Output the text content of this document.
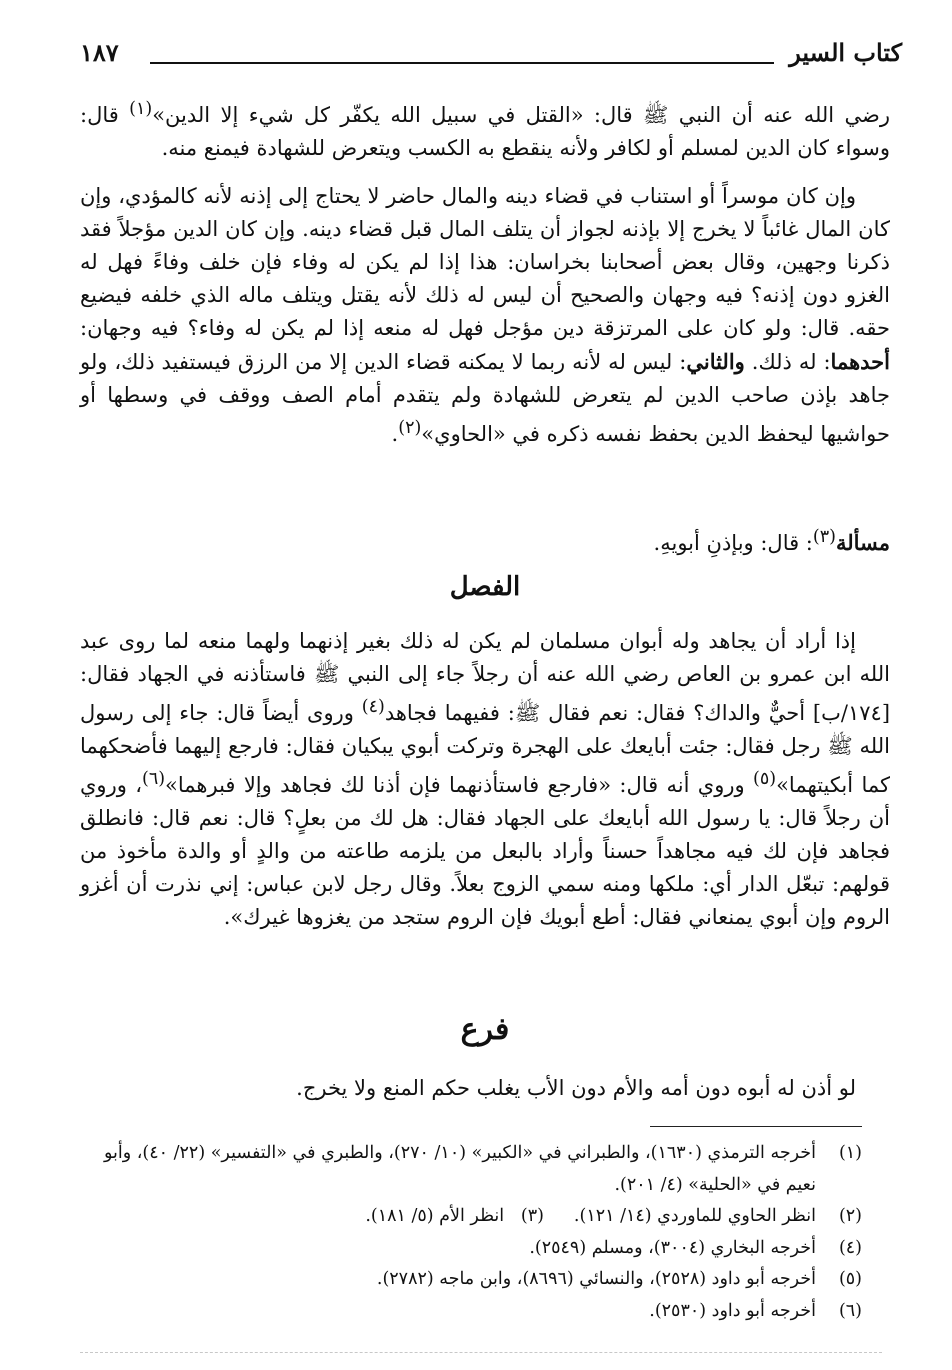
كتاب السير
١٨٧

رضي الله عنه أن النبي ﷺ قال: «القتل في سبيل الله يكفّر كل شيء إلا الدين»$^{(١)}$ قال: وسواء كان الدين لمسلم أو لكافر ولأنه ينقطع به الكسب ويتعرض للشهادة فيمنع منه.

وإن كان موسراً أو استناب في قضاء دينه والمال حاضر لا يحتاج إلى إذنه لأنه كالمؤدي، وإن كان المال غائباً لا يخرج إلا بإذنه لجواز أن يتلف المال قبل قضاء دينه. وإن كان الدين مؤجلاً فقد ذكرنا وجهين، وقال بعض أصحابنا بخراسان: هذا إذا لم يكن له وفاء فإن خلف وفاءً فهل له الغزو دون إذنه؟ فيه وجهان والصحيح أن ليس له ذلك لأنه يقتل ويتلف ماله الذي خلفه فيضيع حقه. قال: ولو كان على المرتزقة دين مؤجل فهل له منعه إذا لم يكن له وفاء؟ فيه وجهان: أحدهما: له ذلك. والثاني: ليس له لأنه ربما لا يمكنه قضاء الدين إلا من الرزق فيستفيد ذلك، ولو جاهد بإذن صاحب الدين لم يتعرض للشهادة ولم يتقدم أمام الصف ووقف في وسطها أو حواشيها ليحفظ الدين بحفظ نفسه ذكره في «الحاوي»$^{(٢)}$.

مسألة$^{(٣)}$: قال: وبإذنِ أبويهِ.

الفصل

إذا أراد أن يجاهد وله أبوان مسلمان لم يكن له ذلك بغير إذنهما ولهما منعه لما روى عبد الله ابن عمرو بن العاص رضي الله عنه أن رجلاً جاء إلى النبي ﷺ فاستأذنه في الجهاد فقال: [١٧٤/ب] أحيٌّ والداك؟ فقال: نعم فقال ﷺ: ففيهما فجاهد$^{(٤)}$ وروى أيضاً قال: جاء إلى رسول الله ﷺ رجل فقال: جئت أبايعك على الهجرة وتركت أبوي يبكيان فقال: فارجع إليهما فأضحكهما كما أبكيتهما»$^{(٥)}$ وروي أنه قال: «فارجع فاستأذنهما فإن أذنا لك فجاهد وإلا فبرهما»$^{(٦)}$، وروي أن رجلاً قال: يا رسول الله أبايعك على الجهاد فقال: هل لك من بعلٍ؟ قال: نعم قال: فانطلق فجاهد فإن لك فيه مجاهداً حسناً وأراد بالبعل من يلزمه طاعته من والدٍ أو والدة مأخوذ من قولهم: تبعّل الدار أي: ملكها ومنه سمي الزوج بعلاً. وقال رجل لابن عباس: إني نذرت أن أغزو الروم وإن أبوي يمنعاني فقال: أطع أبويك فإن الروم ستجد من يغزوها غيرك».

فرع

لو أذن له أبوه دون أمه والأم دون الأب يغلب حكم المنع ولا يخرج.

(١)
أخرجه الترمذي (١٦٣٠)، والطبراني في «الكبير» (١٠/ ٢٧٠)، والطبري في «التفسير» (٢٢/ ٤٠)، وأبو نعيم في «الحلية» (٤/ ٢٠١).
(٢)
انظر الحاوي للماوردي (١٤/ ١٢١).(٣)   انظر الأم (٥/ ١٨١).
(٤)
أخرجه البخاري (٣٠٠٤)، ومسلم (٢٥٤٩).
(٥)
أخرجه أبو داود (٢٥٢٨)، والنسائي (٨٦٩٦)، وابن ماجه (٢٧٨٢).
(٦)
أخرجه أبو داود (٢٥٣٠).
